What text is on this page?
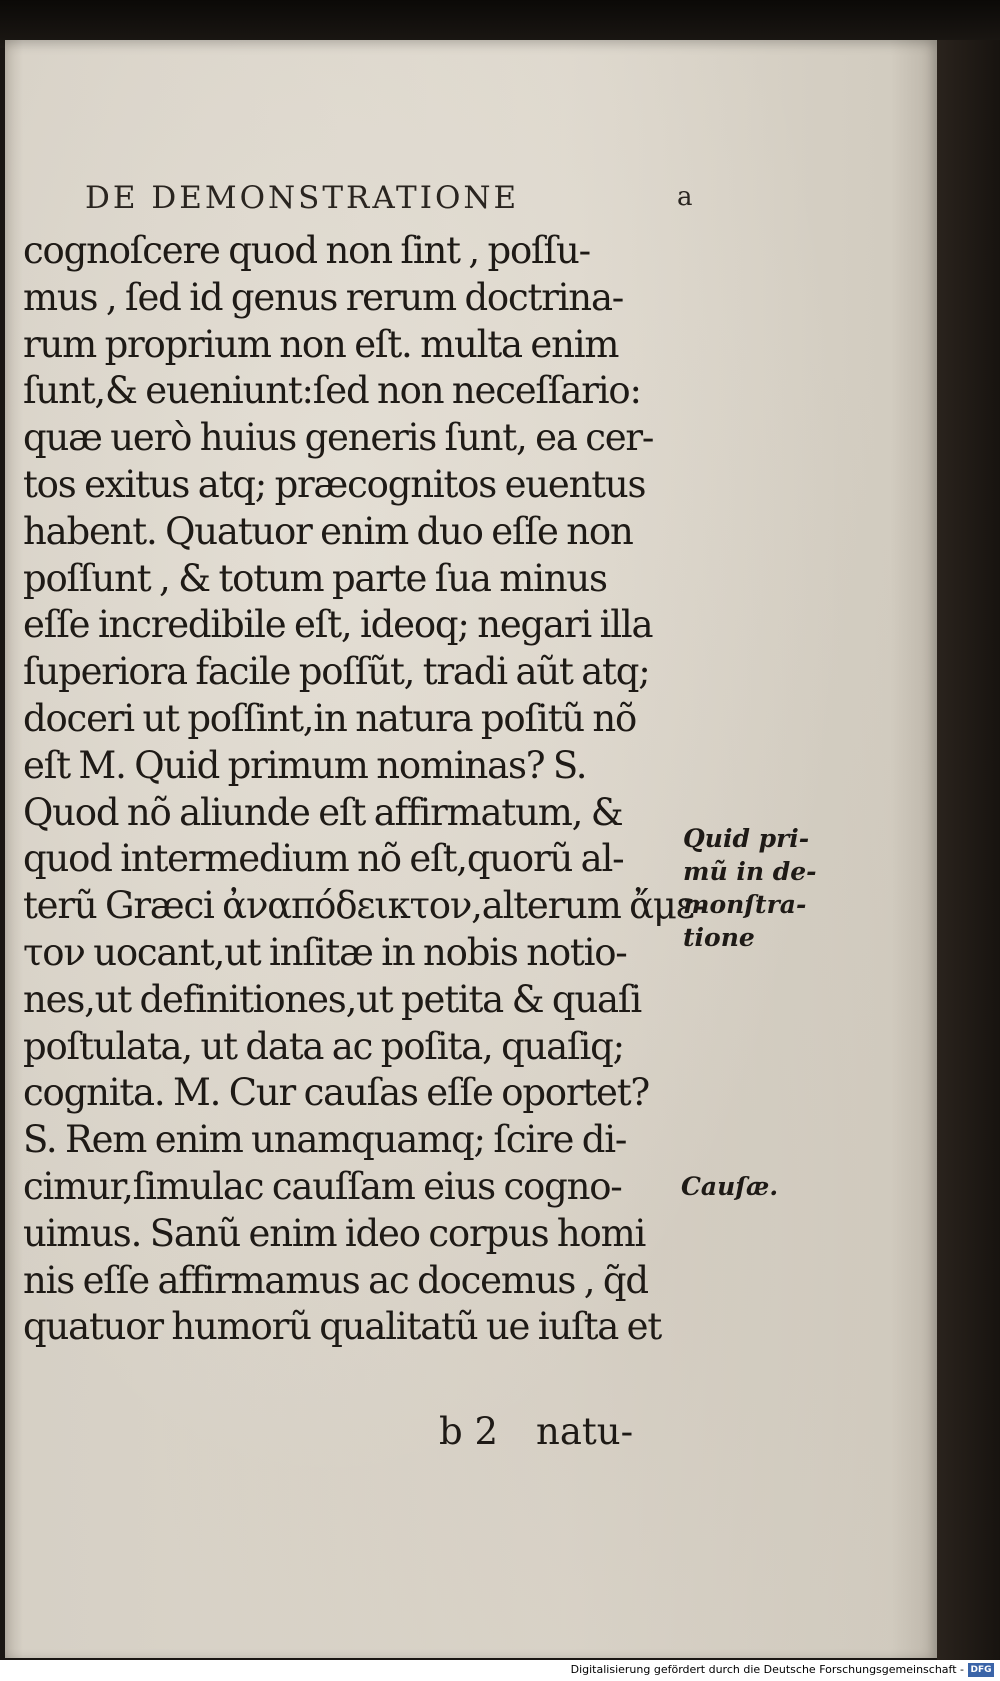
DE DEMONSTRATIONE	a
cognoſcere quod non ſint , poſſu-
mus , ſed id genus rerum doctrina-
rum proprium non eſt. multa enim
ſunt,& eueniunt:ſed non neceſſario:
quæ uerò huius generis ſunt, ea cer-
tos exitus atq; præcognitos euentus
habent. Quatuor enim duo eſſe non
poſſunt , & totum parte ſua minus
eſſe incredibile eſt, ideoq; negari illa
ſuperiora facile poſſũt, tradi aũt atq;
doceri ut poſſint,in natura poſitũ nõ
eſt M. Quid primum nominas? S.
Quod nõ aliunde eſt affirmatum, &
quod intermedium nõ eſt,quorũ al-
terũ Græci ἀναπόδεικτον,alterum ἄμε-
τον uocant,ut inſitæ in nobis notio-
nes,ut definitiones,ut petita & quaſi
poſtulata, ut data ac poſita, quaſiq;
cognita. M. Cur cauſas eſſe oportet?
S. Rem enim unamquamq; ſcire di-
cimur,ſimulac cauſſam eius cogno-
uimus. Sanũ enim ideo corpus homi
nis eſſe affirmamus ac docemus , q̃d
quatuor humorũ qualitatũ ue iuſta et
Quid pri-
mũ in de-
monſtra-
tione
Cauſæ.
b 2 natu-
Digitalisierung gefördert durch die Deutsche Forschungsgemeinschaft - DFG
